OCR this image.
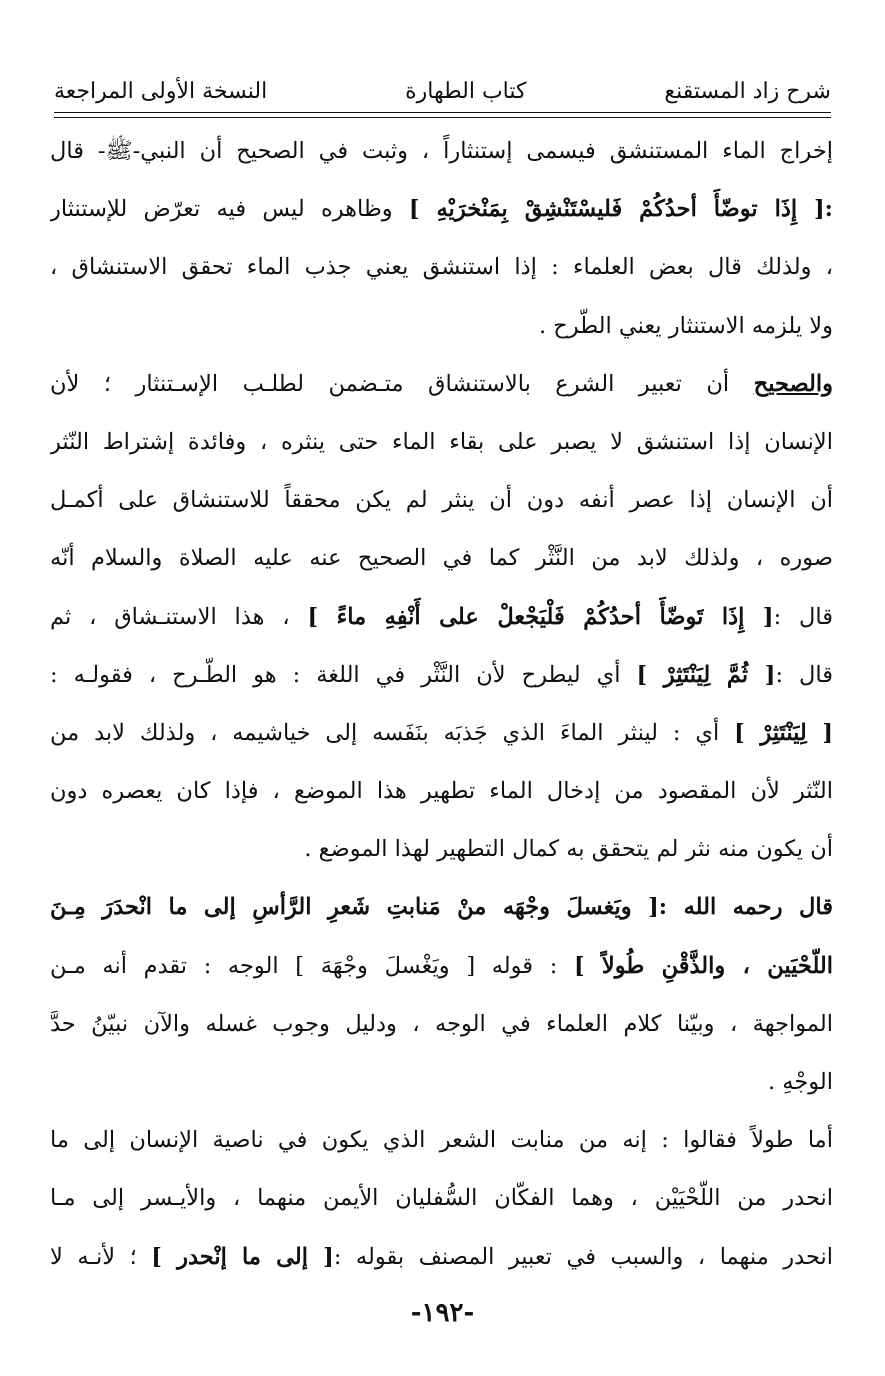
شرح زاد المستقنع
كتاب الطهارة
النسخة الأولى المراجعة
إخراج الماء المستنشق فيسمى إستنثاراً ، وثبت في الصحيح أن النبي-ﷺ- قال
:[ إِذَا توضّأَ أحدُكُمْ فَليسْتَنْشِقْ بِمَنْخرَيْهِ ] وظاهره ليس فيه تعرّض للإستنثار
، ولذلك قال بعض العلماء : إذا استنشق يعني جذب الماء تحقق الاستنشاق ،
ولا يلزمه الاستنثار يعني الطّرح .
والصحيح أن تعبير الشرع بالاستنشاق متـضمن لطلـب الإسـتنثار ؛ لأن
الإنسان إذا استنشق لا يصبر على بقاء الماء حتى ينثره ، وفائدة إشتراط النّثر
أن الإنسان إذا عصر أنفه دون أن ينثر لم يكن محققاً للاستنشاق على أكمـل
صوره ، ولذلك لابد من النَّثْر كما في الصحيح عنه عليه الصلاة والسلام أنّه
قال :[ إِذَا تَوضّأَ أحدُكُمْ فَلْيَجْعلْ على أَنْفِهِ ماءً ] ، هذا الاستنـشاق ، ثم
قال :[ ثُمَّ لِيَنْتَثِرْ ] أي ليطرح لأن النَّثْر في اللغة : هو الطّـرح ، فقولـه :
[ لِيَنْتَثِرْ ] أي : لينثر الماءَ الذي جَذبَه بنَفَسه إلى خياشيمه ، ولذلك لابد من
النّثر لأن المقصود من إدخال الماء تطهير هذا الموضع ، فإذا كان يعصره دون
أن يكون منه نثر لم يتحقق به كمال التطهير لهذا الموضع .
قال رحمه الله :[ ويَغسلَ وجْهَه منْ مَنابتِ شَعرِ الرَّأسِ إلى ما انْحدَرَ مِـنَ
اللّحْيَين ، والذَّقْنِ طُولاً ] : قوله [ ويَغْسلَ وجْهَهَ ] الوجه : تقدم أنه مـن
المواجهة ، وبيّنا كلام العلماء في الوجه ، ودليل وجوب غسله والآن نبيّنُ حدَّ
الوجْهِ .
أما طولاً فقالوا : إنه من منابت الشعر الذي يكون في ناصية الإنسان إلى ما
انحدر من اللّحْيَيْن ، وهما الفكّان السُّفليان الأيمن منهما ، والأيـسر إلى مـا
انحدر منهما ، والسبب في تعبير المصنف بقوله :[ إلى ما إنْحدر ] ؛ لأنـه لا
-١٩٢-
